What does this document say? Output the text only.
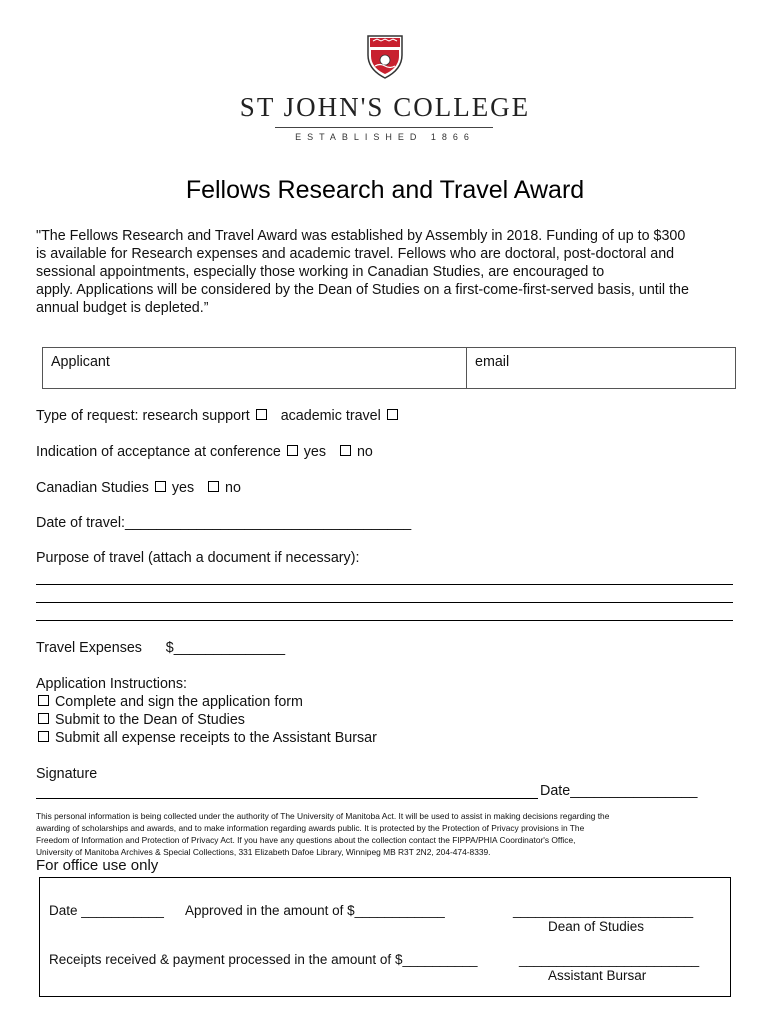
ST JOHN'S COLLEGE
ESTABLISHED 1866
Fellows Research and Travel Award

"The Fellows Research and Travel Award was established by Assembly in 2018. Funding of up to $300

is available for Research expenses and academic travel. Fellows who are doctoral, post-doctoral and

sessional appointments, especially those working in Canadian Studies, are encouraged to

apply. Applications will be considered by the Dean of Studies on a first-come-first-served basis, until the

annual budget is depleted.”

Applicant	email
Type of request: research support academic travel
Indication of acceptance at conference yes no
Canadian Studies yes no
Date of travel:____________________________________
Purpose of travel (attach a document if necessary):
Travel Expenses $______________
Application Instructions:
Complete and sign the application form
Submit to the Dean of Studies
Submit all expense receipts to the Assistant Bursar
Signature
Date________________
This personal information is being collected under the authority of The University of Manitoba Act. It will be used to assist in making decisions regarding the
awarding of scholarships and awards, and to make information regarding awards public. It is protected by the Protection of Privacy provisions in The
Freedom of Information and Protection of Privacy Act. If you have any questions about the collection contact the FIPPA/PHIA Coordinator's Office,
University of Manitoba Archives & Special Collections, 331 Elizabeth Dafoe Library, Winnipeg MB R3T 2N2, 204-474-8339.
For office use only
Date ___________ Approved in the amount of $____________	________________________
Dean of Studies
Receipts received & payment processed in the amount of $__________	________________________
Assistant Bursar
